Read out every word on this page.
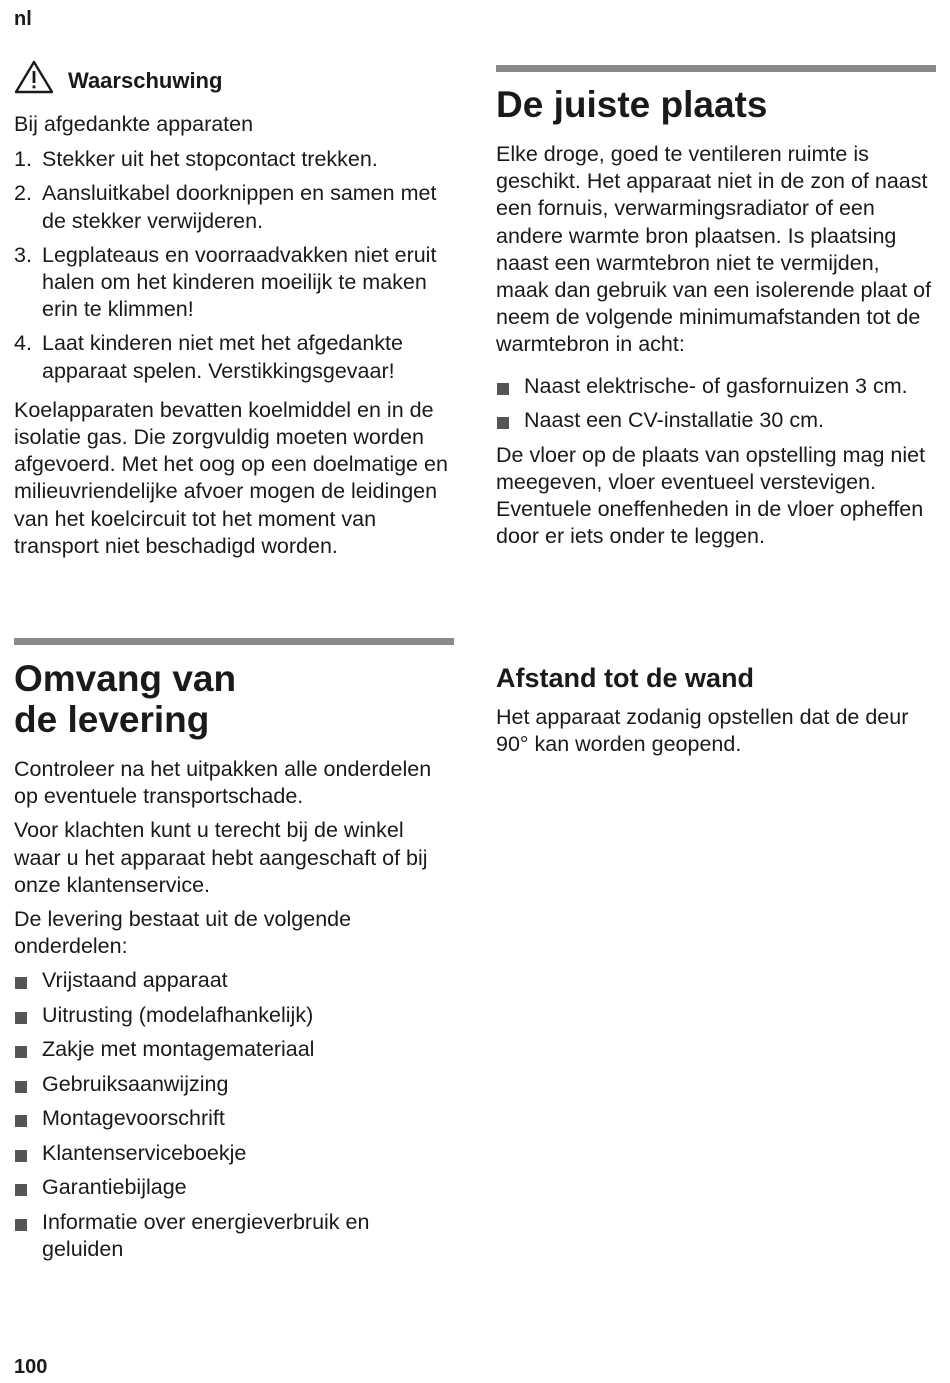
nl
Waarschuwing

Bij afgedankte apparaten

1. Stekker uit het stopcontact trekken.
2. Aansluitkabel doorknippen en samen met de stekker verwijderen.
3. Legplateaus en voorraadvakken niet eruit halen om het kinderen moeilijk te maken erin te klimmen!
4. Laat kinderen niet met het afgedankte apparaat spelen. Verstikkingsgevaar!

Koelapparaten bevatten koelmiddel en in de isolatie gas. Die zorgvuldig moeten worden afgevoerd. Met het oog op een doelmatige en milieuvriendelijke afvoer mogen de leidingen van het koelcircuit tot het moment van transport niet beschadigd worden.

Omvang van
de levering

Controleer na het uitpakken alle onderdelen op eventuele transportschade.

Voor klachten kunt u terecht bij de winkel waar u het apparaat hebt aangeschaft of bij onze klantenservice.

De levering bestaat uit de volgende onderdelen:

Vrijstaand apparaat
Uitrusting (modelafhankelijk)
Zakje met montagemateriaal
Gebruiksaanwijzing
Montagevoorschrift
Klantenserviceboekje
Garantiebijlage
Informatie over energieverbruik en geluiden
De juiste plaats

Elke droge, goed te ventileren ruimte is geschikt. Het apparaat niet in de zon of naast een fornuis, verwarmingsradiator of een andere warmte bron plaatsen. Is plaatsing naast een warmtebron niet te vermijden, maak dan gebruik van een isolerende plaat of neem de volgende minimumafstanden tot de warmtebron in acht:

Naast elektrische- of gasfornuizen 3 cm.
Naast een CV-installatie 30 cm.

De vloer op de plaats van opstelling mag niet meegeven, vloer eventueel verstevigen. Eventuele oneffenheden in de vloer opheffen door er iets onder te leggen.

Afstand tot de wand

Het apparaat zodanig opstellen dat de deur 90° kan worden geopend.

100
